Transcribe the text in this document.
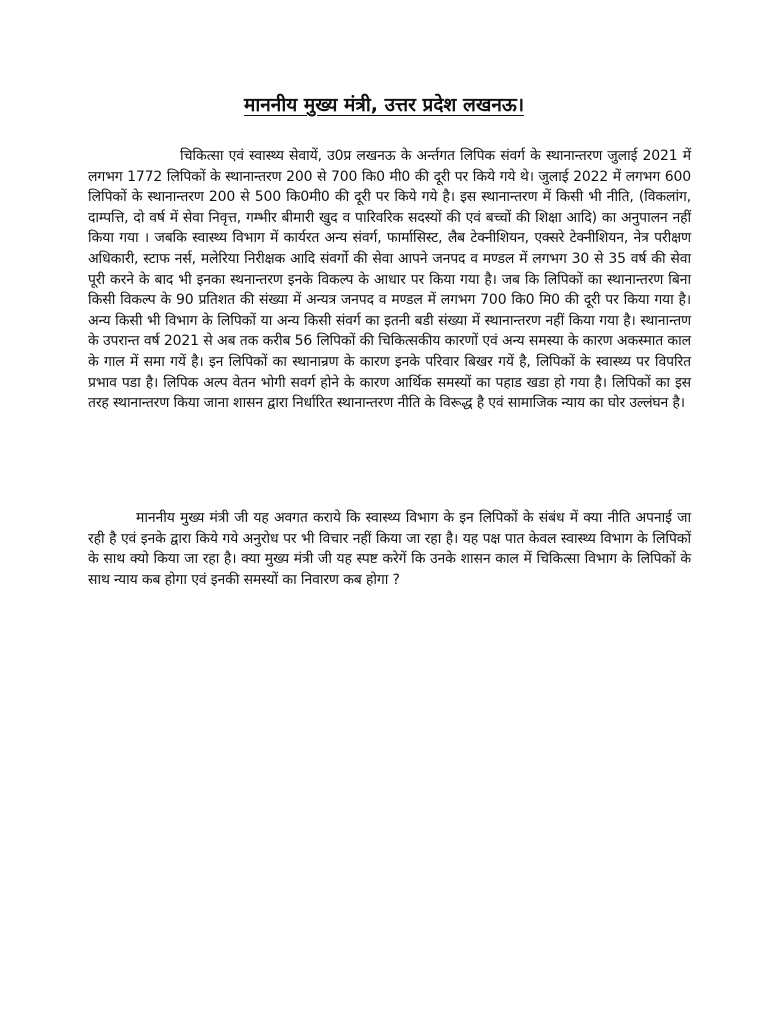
माननीय मुख्य मंत्री, उत्तर प्रदेश लखनऊ।

चिकित्सा एवं स्वास्थ्य सेवायें, उ0प्र लखनऊ के अर्न्तगत लिपिक संवर्ग के स्थानान्तरण जुलाई 2021 में लगभग 1772 लिपिकों के स्थानान्तरण 200 से 700 कि0 मी0 की दूरी पर किये गये थे। जुलाई 2022 में लगभग 600 लिपिकों के स्थानान्तरण 200 से 500 कि0मी0 की दूरी पर किये गये है। इस स्थानान्तरण में किसी भी नीति, (विकलांग, दाम्पत्ति, दो वर्ष में सेवा निवृत्त, गम्भीर बीमारी खुद व पारिवरिक सदस्यों की एवं बच्चों की शिक्षा आदि) का अनुपालन नहीं किया गया । जबकि स्वास्थ्य विभाग में कार्यरत अन्य संवर्ग, फार्मासिस्ट, लैब टेक्नीशियन, एक्सरे टेक्नीशियन, नेत्र परीक्षण अधिकारी, स्टाफ नर्स, मलेरिया निरीक्षक आदि संवर्गो की सेवा आपने जनपद व मण्डल में लगभग 30 से 35 वर्ष की सेवा पूरी करने के बाद भी इनका स्थनान्तरण इनके विकल्प के आधार पर किया गया है। जब कि लिपिकों का स्थानान्तरण बिना किसी विकल्प के 90 प्रतिशत की संख्या में अन्यत्र जनपद व मण्डल में लगभग 700 कि0 मि0 की दूरी पर किया गया है। अन्य किसी भी विभाग के लिपिकों या अन्य किसी संवर्ग का इतनी बडी संख्या में स्थानान्तरण नहीं किया गया है। स्थानान्तण के उपरान्त वर्ष 2021 से अब तक करीब 56 लिपिकों की चिकित्सकीय कारणों एवं अन्य समस्या के कारण अकस्मात काल के गाल में समा गयें है। इन लिपिकों का स्थानान्रण के कारण इनके परिवार बिखर गयें है, लिपिकों के स्वास्थ्य पर विपरित प्रभाव पडा है। लिपिक अल्प वेतन भोगी सवर्ग होने के कारण आर्थिक समस्यों का पहाड खडा हो गया है। लिपिकों का इस तरह स्थानान्तरण किया जाना शासन द्वारा निर्धारित स्थानान्तरण नीति के विरूद्ध है एवं सामाजिक न्याय का घोर उल्लंघन है।

माननीय मुख्य मंत्री जी यह अवगत कराये कि स्वास्थ्य विभाग के इन लिपिकों के संबंध में क्या नीति अपनाई जा रही है एवं इनके द्वारा किये गये अनुरोध पर भी विचार नहीं किया जा रहा है। यह पक्ष पात केवल स्वास्थ्य विभाग के लिपिकों के साथ क्यो किया जा रहा है। क्या मुख्य मंत्री जी यह स्पष्ट करेगें कि उनके शासन काल में चिकित्सा विभाग के लिपिकों के साथ न्याय कब होगा एवं इनकी समस्यों का निवारण कब होगा ?
